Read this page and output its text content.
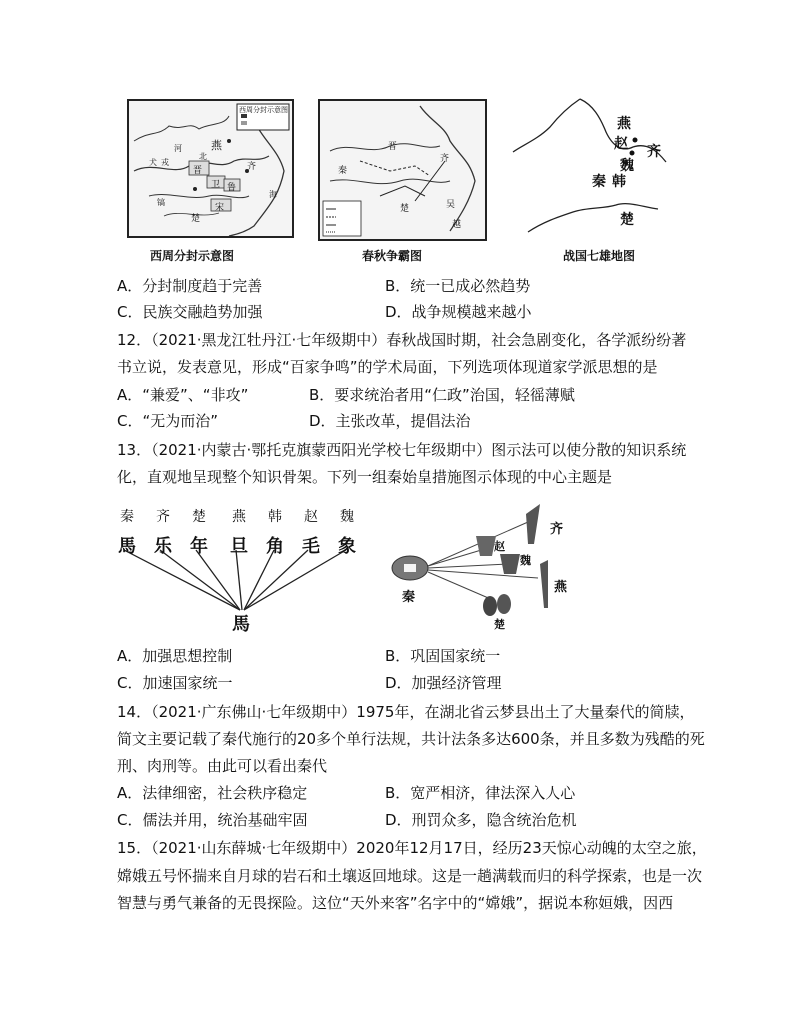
西周分封示意图
燕
河
北
犬 戎
晋
卫 鲁
齐
宋
楚
镐
海
西周分封示意图
秦
晋
齐
楚	吴
越
春秋争霸图
燕
赵 齐
魏
韩
秦
楚
战国七雄地图
A．分封制度趋于完善	B．统一已成必然趋势
C．民族交融趋势加强	D．战争规模越来越小
12．（2021·黑龙江牡丹江·七年级期中）春秋战国时期，社会急剧变化，各学派纷纷著
书立说，发表意见，形成“百家争鸣”的学术局面，下列选项体现道家学派思想的是
A．“兼爱”、“非攻”	B．要求统治者用“仁政”治国，轻徭薄赋
C．“无为而治”	D．主张改革，提倡法治
13．（2021·内蒙古·鄂托克旗蒙西阳光学校七年级期中）图示法可以使分散的知识系统
化，直观地呈现整个知识骨架。下列一组秦始皇措施图示体现的中心主题是
秦 齐 楚 燕 韩 赵 魏
馬 乐 年 旦 角 毛 象
馬
秦
齐
赵
魏
燕
楚
A．加强思想控制	B．巩固国家统一
C．加速国家统一	D．加强经济管理
14．（2021·广东佛山·七年级期中）1975年，在湖北省云梦县出土了大量秦代的简牍，
简文主要记载了秦代施行的20多个单行法规，共计法条多达600条，并且多数为残酷的死
刑、肉刑等。由此可以看出秦代
A．法律细密，社会秩序稳定	B．宽严相济，律法深入人心
C．儒法并用，统治基础牢固	D．刑罚众多，隐含统治危机
15．（2021·山东薛城·七年级期中）2020年12月17日，经历23天惊心动魄的太空之旅，
嫦娥五号怀揣来自月球的岩石和土壤返回地球。这是一趟满载而归的科学探索，也是一次
智慧与勇气兼备的无畏探险。这位“天外来客”名字中的“嫦娥”，据说本称姮娥，因西
